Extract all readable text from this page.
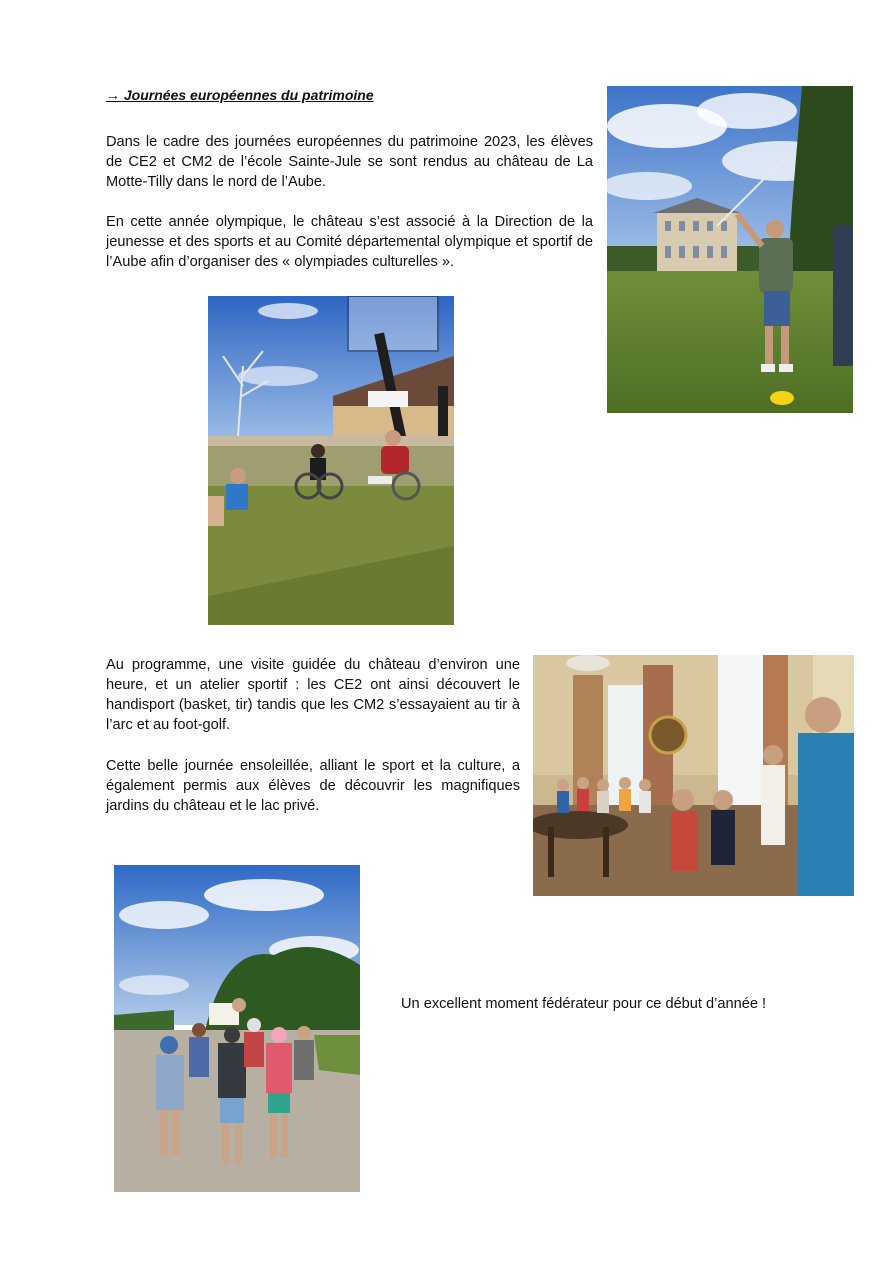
→ Journées européennes du patrimoine
Dans le cadre des journées européennes du patrimoine 2023, les élèves de CE2 et CM2 de l’école Sainte-Jule se sont rendus au château de La Motte-Tilly dans le nord de l’Aube.
En cette année olympique, le château s’est associé à la Direction de la jeunesse et des sports et au Comité départemental olympique et sportif de l’Aube afin d’organiser des « olympiades culturelles ».
Au programme, une visite guidée du château d’environ une heure, et un atelier sportif : les CE2 ont ainsi découvert le handisport (basket, tir) tandis que les CM2 s’essayaient au tir à l’arc et au foot-golf.
Cette belle journée ensoleillée, alliant le sport et la culture, a également permis aux élèves de découvrir les magnifiques jardins du château et le lac privé.
Un excellent moment fédérateur pour ce début d’année !
